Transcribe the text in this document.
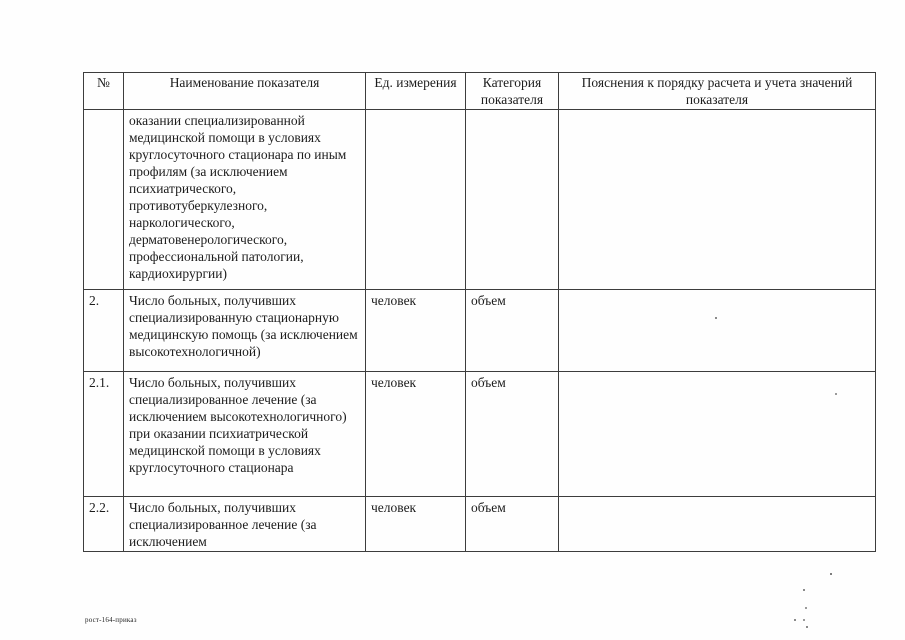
№	Наименование показателя	Ед. измерения	Категория показателя	Пояснения к порядку расчета и учета значений показателя
	оказании специализированной медицинской помощи в условиях круглосуточного стационара по иным профилям (за исключением психиатрического, противотуберкулезного, наркологического, дерматовенерологического, профессиональной патологии, кардиохирургии)			
2.	Число больных, получивших специализированную стационарную медицинскую помощь (за исключением высокотехнологичной)	человек	объем	
2.1.	Число больных, получивших специализированное лечение (за исключением высокотехнологичного) при оказании психиатрической медицинской помощи в условиях круглосуточного стационара	человек	объем	
2.2.	Число больных, получивших специализированное лечение (за исключением	человек	объем	
рост-164-приказ
